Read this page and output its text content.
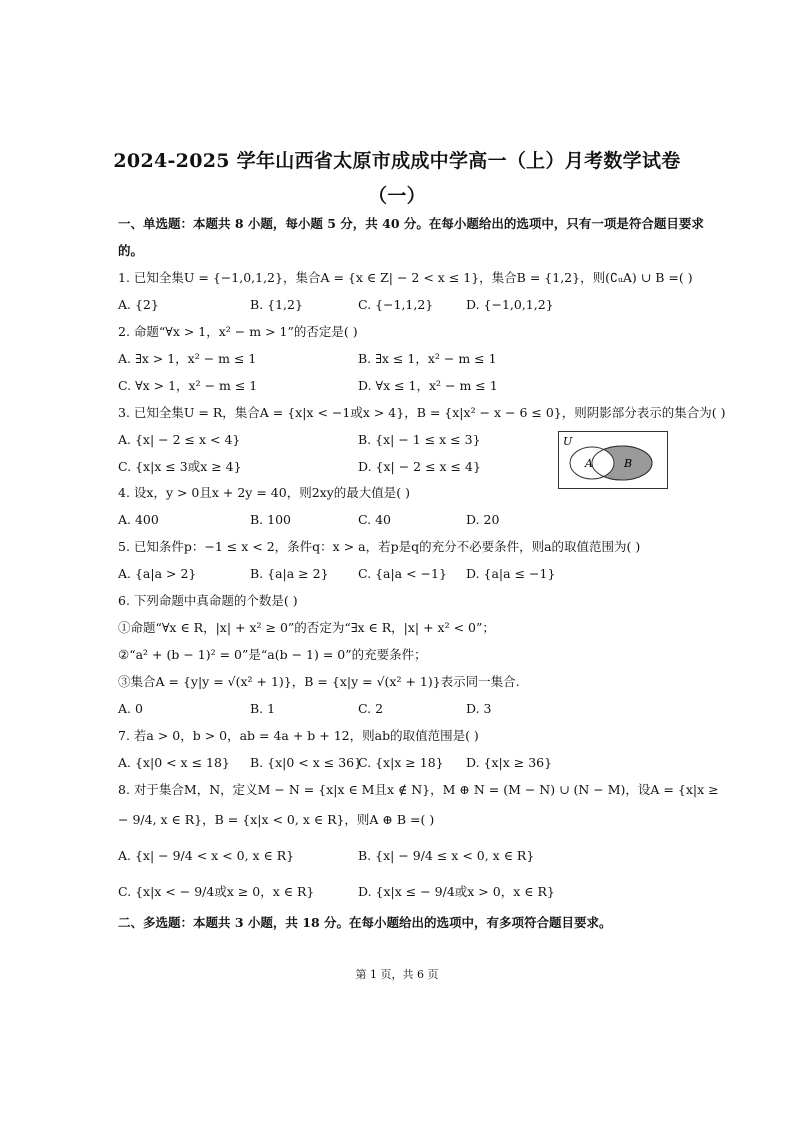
2024-2025 学年山西省太原市成成中学高一（上）月考数学试卷
（一）
一、单选题：本题共 8 小题，每小题 5 分，共 40 分。在每小题给出的选项中，只有一项是符合题目要求
的。
1. 已知全集U = {−1,0,1,2}，集合A = {x ∈ Z| − 2 < x ≤ 1}，集合B = {1,2}，则(∁ᵤA) ∪ B =( )
A. {2}	B. {1,2}	C. {−1,1,2}	D. {−1,0,1,2}
2. 命题“∀x > 1，x² − m > 1”的否定是( )
A. ∃x > 1，x² − m ≤ 1	B. ∃x ≤ 1，x² − m ≤ 1
C. ∀x > 1，x² − m ≤ 1	D. ∀x ≤ 1，x² − m ≤ 1
3. 已知全集U = R，集合A = {x|x < −1或x > 4}，B = {x|x² − x − 6 ≤ 0}，则阴影部分表示的集合为( )
A. {x| − 2 ≤ x < 4}	B. {x| − 1 ≤ x ≤ 3}
C. {x|x ≤ 3或x ≥ 4}	D. {x| − 2 ≤ x ≤ 4}
U
A	B
4. 设x，y > 0且x + 2y = 40，则2xy的最大值是( )
A. 400	B. 100	C. 40	D. 20
5. 已知条件p：−1 ≤ x < 2，条件q：x > a，若p是q的充分不必要条件，则a的取值范围为( )
A. {a|a > 2}	B. {a|a ≥ 2} C. {a|a < −1} D. {a|a ≤ −1}
6. 下列命题中真命题的个数是( )
①命题“∀x ∈ R，|x| + x² ≥ 0”的否定为“∃x ∈ R，|x| + x² < 0”；
②“a² + (b − 1)² = 0”是“a(b − 1) = 0”的充要条件；
③集合A = {y|y = √(x² + 1)}，B = {x|y = √(x² + 1)}表示同一集合.
A. 0	B. 1	C. 2	D. 3
7. 若a > 0，b > 0，ab = 4a + b + 12，则ab的取值范围是( )
A. {x|0 < x ≤ 18} B. {x|0 < x ≤ 36}
C. {x|x ≥ 18} D. {x|x ≥ 36}
8. 对于集合M，N，定义M − N = {x|x ∈ M且x ∉ N}，M ⊕ N = (M − N) ∪ (N − M)，设A = {x|x ≥
− 9/4, x ∈ R}，B = {x|x < 0, x ∈ R}，则A ⊕ B =( )
A. {x| − 9/4 < x < 0, x ∈ R}	B. {x| − 9/4 ≤ x < 0, x ∈ R}
C. {x|x < − 9/4或x ≥ 0，x ∈ R}	D. {x|x ≤ − 9/4或x > 0，x ∈ R}
二、多选题：本题共 3 小题，共 18 分。在每小题给出的选项中，有多项符合题目要求。
第 1 页，共 6 页
